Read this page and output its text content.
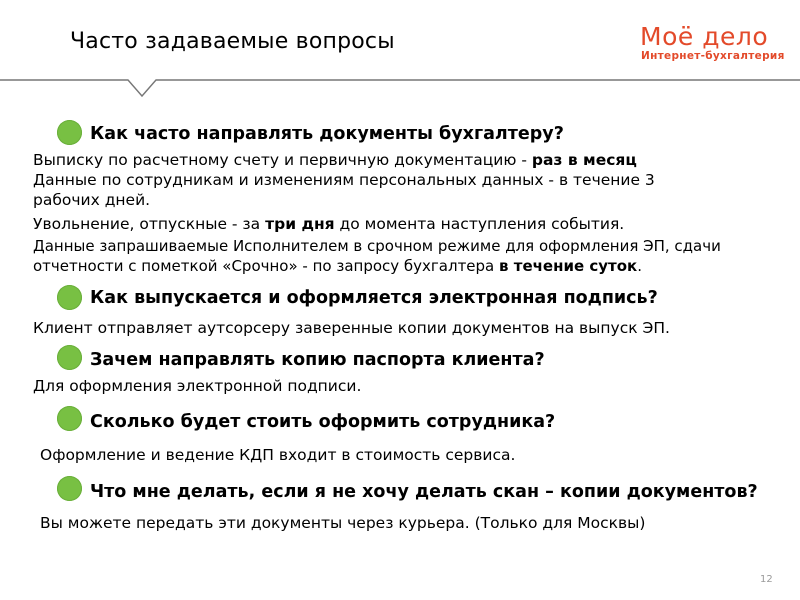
Часто задаваемые вопросы	Моё дело
Интернет-бухгалтерия
Как часто направлять документы бухгалтеру?
Выписку по расчетному счету и первичную документацию - раз в месяц
Данные по сотрудникам и изменениям персональных данных - в течение 3
рабочих дней.
Увольнение, отпускные - за три дня до момента наступления события.
Данные запрашиваемые Исполнителем в срочном режиме для оформления ЭП, сдачи
отчетности с пометкой «Срочно» - по запросу бухгалтера в течение суток.
Как выпускается и оформляется электронная подпись?
Клиент отправляет аутсорсеру заверенные копии документов на выпуск ЭП.
Зачем направлять копию паспорта клиента?
Для оформления электронной подписи.
Сколько будет стоить оформить сотрудника?
Оформление и ведение КДП входит в стоимость сервиса.
Что мне делать, если я не хочу делать скан – копии документов?
Вы можете передать эти документы через курьера. (Только для Москвы)
12
